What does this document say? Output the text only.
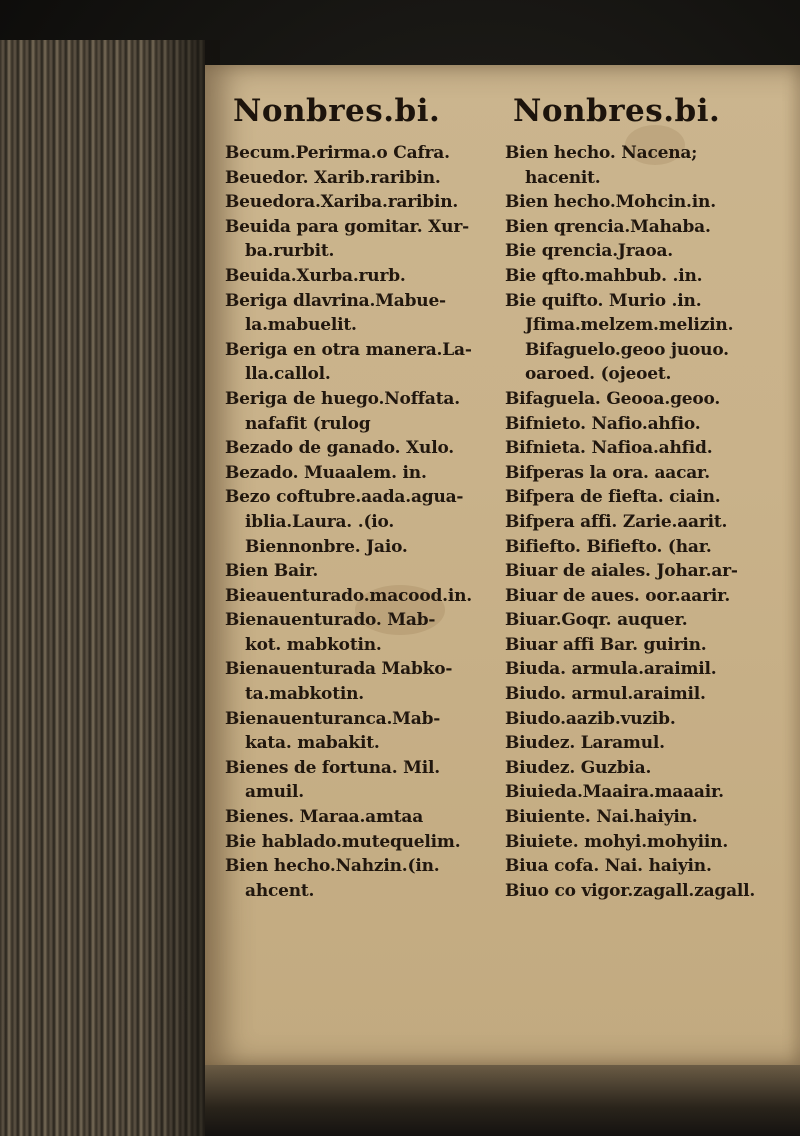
Nonbres.bi.
Becum.Perirma.o Cafra.
Beuedor. Xarib.raribin.
Beuedora.Xariba.raribin.
Beuida para gomitar. Xur-
ba.rurbit.
Beuida.Xurba.rurb.
Beriga dlavrina.Mabue-
la.mabuelit.
Beriga en otra manera.La-
lla.callol.
Beriga de huego.Noffata.
nafafit (rulog
Bezado de ganado. Xulo.
Bezado. Muaalem. in.
Bezo coftubre.aada.agua-
iblia.Laura. .(io.
Biennonbre. Jaio.
Bien Bair.
Bieauenturado.macood.in.
Bienauenturado. Mab-
kot. mabkotin.
Bienauenturada Mabko-
ta.mabkotin.
Bienauenturanca.Mab-
kata. mabakit.
Bienes de fortuna. Mil.
amuil.
Bienes. Maraa.amtaa
Bie hablado.mutequelim.
Bien hecho.Nahzin.(in.
ahcent.
Nonbres.bi.
Bien hecho. Nacena;
hacenit.
Bien hecho.Mohcin.in.
Bien qrencia.Mahaba.
Bie qrencia.Jraoa.
Bie qfto.mahbub. .in.
Bie quifto. Murio .in.
Jfima.melzem.melizin.
Bifaguelo.geoo juouo.
oaroed. (ojeoet.
Bifaguela. Geooa.geoo.
Bifnieto. Nafio.ahfio.
Bifnieta. Nafioa.ahfid.
Bifperas la ora. aacar.
Bifpera de fiefta. ciain.
Bifpera affi. Zarie.aarit.
Bifiefto. Bifiefto. (har.
Biuar de aiales. Johar.ar-
Biuar de aues. oor.aarir.
Biuar.Goqr. auquer.
Biuar affi Bar. guirin.
Biuda. armula.araimil.
Biudo. armul.araimil.
Biudo.aazib.vuzib.
Biudez. Laramul.
Biudez. Guzbia.
Biuieda.Maaira.maaair.
Biuiente. Nai.haiyin.
Biuiete. mohyi.mohyiin.
Biua cofa. Nai. haiyin.
Biuo co vigor.zagall.zagall.
